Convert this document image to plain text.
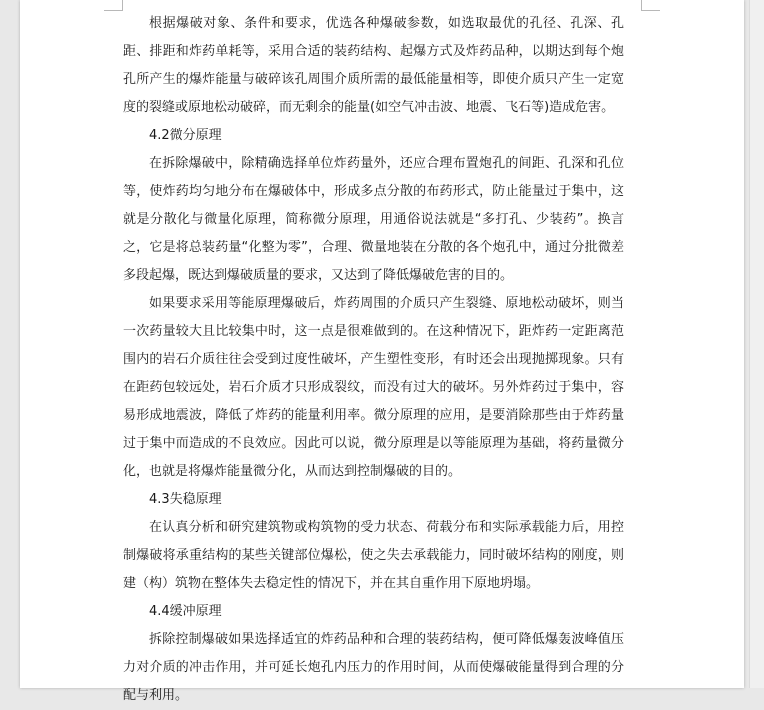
根据爆破对象、条件和要求，优选各种爆破参数，如选取最优的孔径、孔深、孔距、排距和炸药单耗等，采用合适的装药结构、起爆方式及炸药品种，以期达到每个炮孔所产生的爆炸能量与破碎该孔周围介质所需的最低能量相等，即使介质只产生一定宽度的裂缝或原地松动破碎，而无剩余的能量(如空气冲击波、地震、飞石等)造成危害。

4.2微分原理

在拆除爆破中，除精确选择单位炸药量外，还应合理布置炮孔的间距、孔深和孔位等，使炸药均匀地分布在爆破体中，形成多点分散的布药形式，防止能量过于集中，这就是分散化与微量化原理，简称微分原理，用通俗说法就是“多打孔、少装药”。换言之，它是将总装药量“化整为零”，合理、微量地装在分散的各个炮孔中，通过分批微差多段起爆，既达到爆破质量的要求，又达到了降低爆破危害的目的。

如果要求采用等能原理爆破后，炸药周围的介质只产生裂缝、原地松动破坏，则当一次药量较大且比较集中时，这一点是很难做到的。在这种情况下，距炸药一定距离范围内的岩石介质往往会受到过度性破坏，产生塑性变形，有时还会出现抛掷现象。只有在距药包较远处，岩石介质才只形成裂纹，而没有过大的破坏。另外炸药过于集中，容易形成地震波，降低了炸药的能量利用率。微分原理的应用，是要消除那些由于炸药量过于集中而造成的不良效应。因此可以说，微分原理是以等能原理为基础，将药量微分化，也就是将爆炸能量微分化，从而达到控制爆破的目的。

4.3失稳原理

在认真分析和研究建筑物或构筑物的受力状态、荷载分布和实际承载能力后，用控制爆破将承重结构的某些关键部位爆松，使之失去承载能力，同时破坏结构的刚度，则建（构）筑物在整体失去稳定性的情况下，并在其自重作用下原地坍塌。

4.4缓冲原理

拆除控制爆破如果选择适宜的炸药品种和合理的装药结构，便可降低爆轰波峰值压力对介质的冲击作用，并可延长炮孔内压力的作用时间，从而使爆破能量得到合理的分配与利用。
